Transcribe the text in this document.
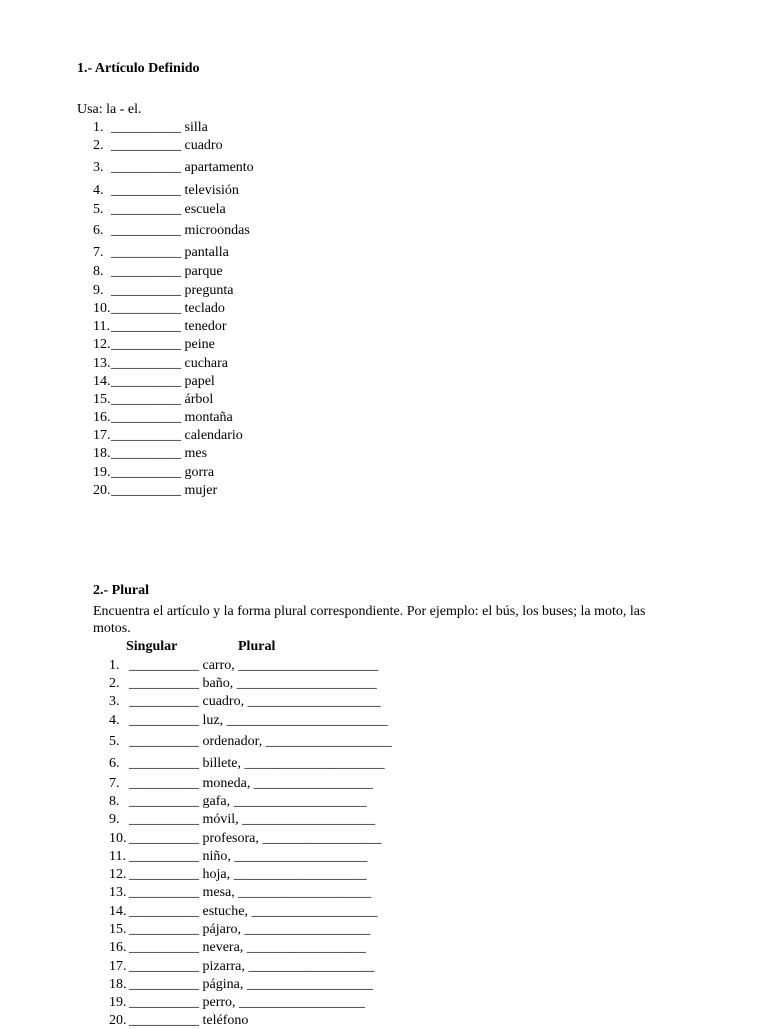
1.- Artículo Definido
Usa: la - el.
1. __________ silla
2. __________ cuadro
3. __________ apartamento
4. __________ televisión
5. __________ escuela
6. __________ microondas
7. __________ pantalla
8. __________ parque
9. __________ pregunta
10.__________ teclado
11.__________ tenedor
12.__________ peine
13.__________ cuchara
14.__________ papel
15.__________ árbol
16.__________ montaña
17.__________ calendario
18.__________ mes
19.__________ gorra
20.__________ mujer
2.- Plural
Encuentra el artículo y la forma plural correspondiente. Por ejemplo: el bús, los buses; la moto, las
motos.
Singular	Plural
1. __________ carro, ____________________
2. __________ baño, ____________________
3. __________ cuadro, ___________________
4. __________ luz, _______________________
5. __________ ordenador, __________________
6. __________ billete, ____________________
7. __________ moneda, _________________
8. __________ gafa, ___________________
9. __________ móvil, ___________________
10. __________ profesora, _________________
11. __________ niño, ___________________
12. __________ hoja, ___________________
13. __________ mesa, ___________________
14. __________ estuche, __________________
15. __________ pájaro, __________________
16. __________ nevera, _________________
17. __________ pizarra, __________________
18. __________ página, __________________
19. __________ perro, __________________
20. __________ teléfono
